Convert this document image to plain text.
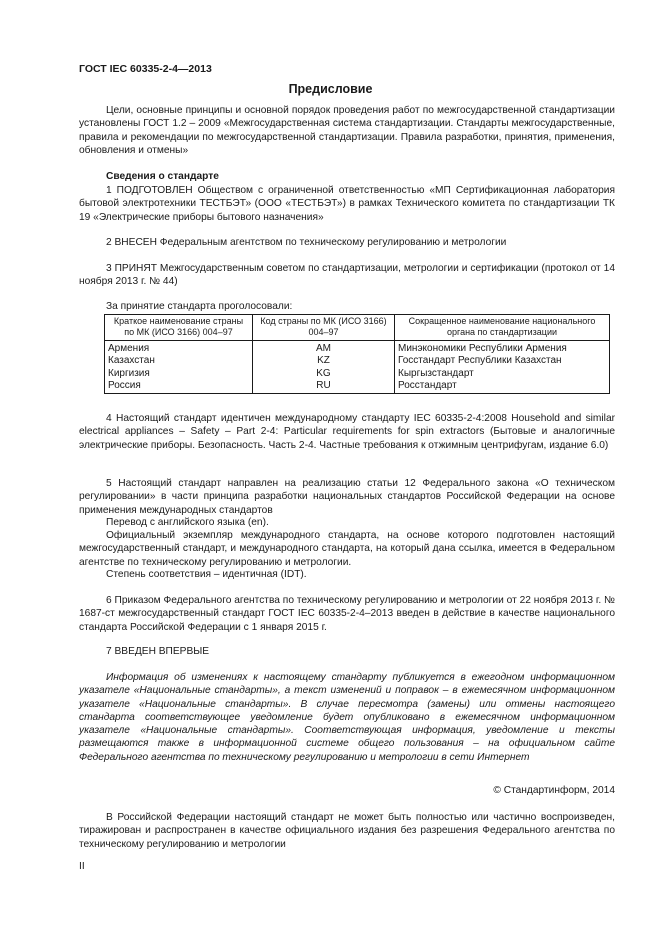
ГОСТ IEC 60335-2-4—2013
Предисловие

Цели, основные принципы и основной порядок проведения работ по межгосударственной стандартизации установлены ГОСТ 1.2 – 2009 «Межгосударственная система стандартизации. Стандарты межгосударственные, правила и рекомендации по межгосударственной стандартизации. Правила разработки, принятия, применения, обновления и отмены»

Сведения о стандарте

1 ПОДГОТОВЛЕН Обществом с ограниченной ответственностью «МП Сертификационная лаборатория бытовой электротехники ТЕСТБЭТ» (ООО «ТЕСТБЭТ») в рамках Технического комитета по стандартизации ТК 19 «Электрические приборы бытового назначения»

2 ВНЕСЕН Федеральным агентством по техническому регулированию и метрологии

3 ПРИНЯТ Межгосударственным советом по стандартизации, метрологии и сертификации (протокол от 14 ноября 2013 г. № 44)

За принятие стандарта проголосовали:

Краткое наименование страны по МК (ИСО 3166) 004–97	Код страны по МК (ИСО 3166) 004–97	Сокращенное наименование национального органа по стандартизации
Армения	AM	Минэкономики Республики Армения
Казахстан	KZ	Госстандарт Республики Казахстан
Киргизия	KG	Кыргызстандарт
Россия	RU	Росстандарт

4 Настоящий стандарт идентичен международному стандарту IEC 60335-2-4:2008 Household and similar electrical appliances – Safety – Part 2-4: Particular requirements for spin extractors (Бытовые и аналогичные электрические приборы. Безопасность. Часть 2-4. Частные требования к отжимным центрифугам, издание 6.0)

5 Настоящий стандарт направлен на реализацию статьи 12 Федерального закона «О техническом регулировании» в части принципа разработки национальных стандартов Российской Федерации на основе применения международных стандартов

Перевод с английского языка (en).

Официальный экземпляр международного стандарта, на основе которого подготовлен настоящий межгосударственный стандарт, и международного стандарта, на который дана ссылка, имеется в Федеральном агентстве по техническому регулированию и метрологии.

Степень соответствия – идентичная (IDT).

6 Приказом Федерального агентства по техническому регулированию и метрологии от 22 ноября 2013 г. № 1687-ст межгосударственный стандарт ГОСТ IEC 60335-2-4–2013 введен в действие в качестве национального стандарта Российской Федерации с 1 января 2015 г.

7 ВВЕДЕН ВПЕРВЫЕ

Информация об изменениях к настоящему стандарту публикуется в ежегодном информационном указателе «Национальные стандарты», а текст изменений и поправок – в ежемесячном информационном указателе «Национальные стандарты». В случае пересмотра (замены) или отмены настоящего стандарта соответствующее уведомление будет опубликовано в ежемесячном информационном указателе «Национальные стандарты». Соответствующая информация, уведомление и тексты размещаются также в информационной системе общего пользования – на официальном сайте Федерального агентства по техническому регулированию и метрологии в сети Интернет

© Стандартинформ, 2014

В Российской Федерации настоящий стандарт не может быть полностью или частично воспроизведен, тиражирован и распространен в качестве официального издания без разрешения Федерального агентства по техническому регулированию и метрологии

II
